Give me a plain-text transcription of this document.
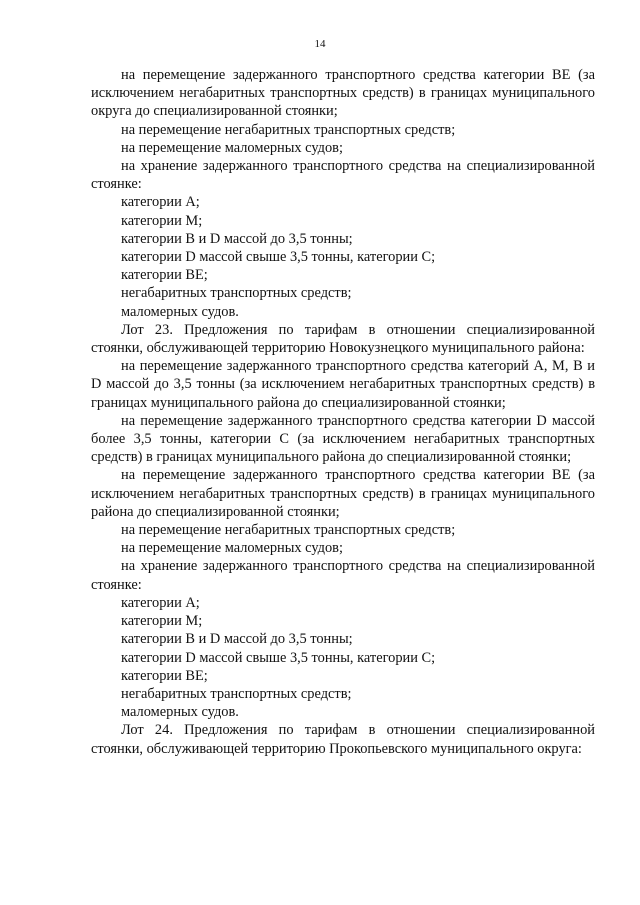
14

на перемещение задержанного транспортного средства категории BE (за исключением негабаритных транспортных средств) в границах муниципального округа до специализированной стоянки;

на перемещение негабаритных транспортных средств;

на перемещение маломерных судов;

на хранение задержанного транспортного средства на специализированной стоянке:

категории A;

категории M;

категории B и D массой до 3,5 тонны;

категории D массой свыше 3,5 тонны, категории C;

категории BE;

негабаритных транспортных средств;

маломерных судов.

Лот 23. Предложения по тарифам в отношении специализированной стоянки, обслуживающей территорию Новокузнецкого муниципального района:

на перемещение задержанного транспортного средства категорий A, M, B и D массой до 3,5 тонны (за исключением негабаритных транспортных средств) в границах муниципального района до специализированной стоянки;

на перемещение задержанного транспортного средства категории D массой более 3,5 тонны, категории C (за исключением негабаритных транспортных средств) в границах муниципального района до специализированной стоянки;

на перемещение задержанного транспортного средства категории BE (за исключением негабаритных транспортных средств) в границах муниципального района до специализированной стоянки;

на перемещение негабаритных транспортных средств;

на перемещение маломерных судов;

на хранение задержанного транспортного средства на специализированной стоянке:

категории A;

категории M;

категории B и D массой до 3,5 тонны;

категории D массой свыше 3,5 тонны, категории C;

категории BE;

негабаритных транспортных средств;

маломерных судов.

Лот 24. Предложения по тарифам в отношении специализированной стоянки, обслуживающей территорию Прокопьевского муниципального округа:
